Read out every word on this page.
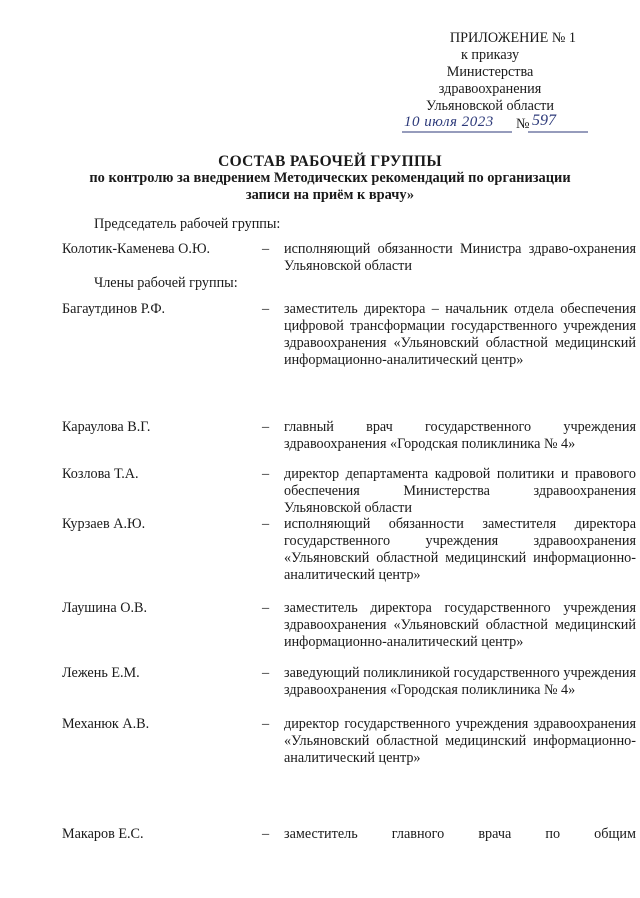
ПРИЛОЖЕНИЕ № 1
к приказу
Министерства
здравоохранения
Ульяновской области
10 июля 2023 № 597
СОСТАВ РАБОЧЕЙ ГРУППЫ
по контролю за внедрением Методических рекомендаций по организации
записи на приём к врачу»
Председатель рабочей группы:
Колотик-Каменева О.Ю.	– исполняющий обязанности Министра здраво-охранения Ульяновской области
Члены рабочей группы:
Багаутдинов Р.Ф.	– заместитель директора – начальник отдела обеспечения цифровой трансформации государственного учреждения здравоохранения «Ульяновский областной медицинский информационно-аналитический центр»
Караулова В.Г.	– главный врач государственного учреждения здравоохранения «Городская поликлиника № 4»
Козлова Т.А.	– директор департамента кадровой политики и правового обеспечения Министерства здравоохранения Ульяновской области
Курзаев А.Ю.	– исполняющий обязанности заместителя директора государственного учреждения здравоохранения «Ульяновский областной медицинский информационно-аналитический центр»
Лаушина О.В.	– заместитель директора государственного учреждения здравоохранения «Ульяновский областной медицинский информационно-аналитический центр»
Лежень Е.М.	– заведующий поликлиникой государственного учреждения здравоохранения «Городская поликлиника № 4»
Механюк А.В.	– директор государственного учреждения здравоохранения «Ульяновский областной медицинский информационно-аналитический центр»
Макаров Е.С.	– заместитель главного врача по общим
